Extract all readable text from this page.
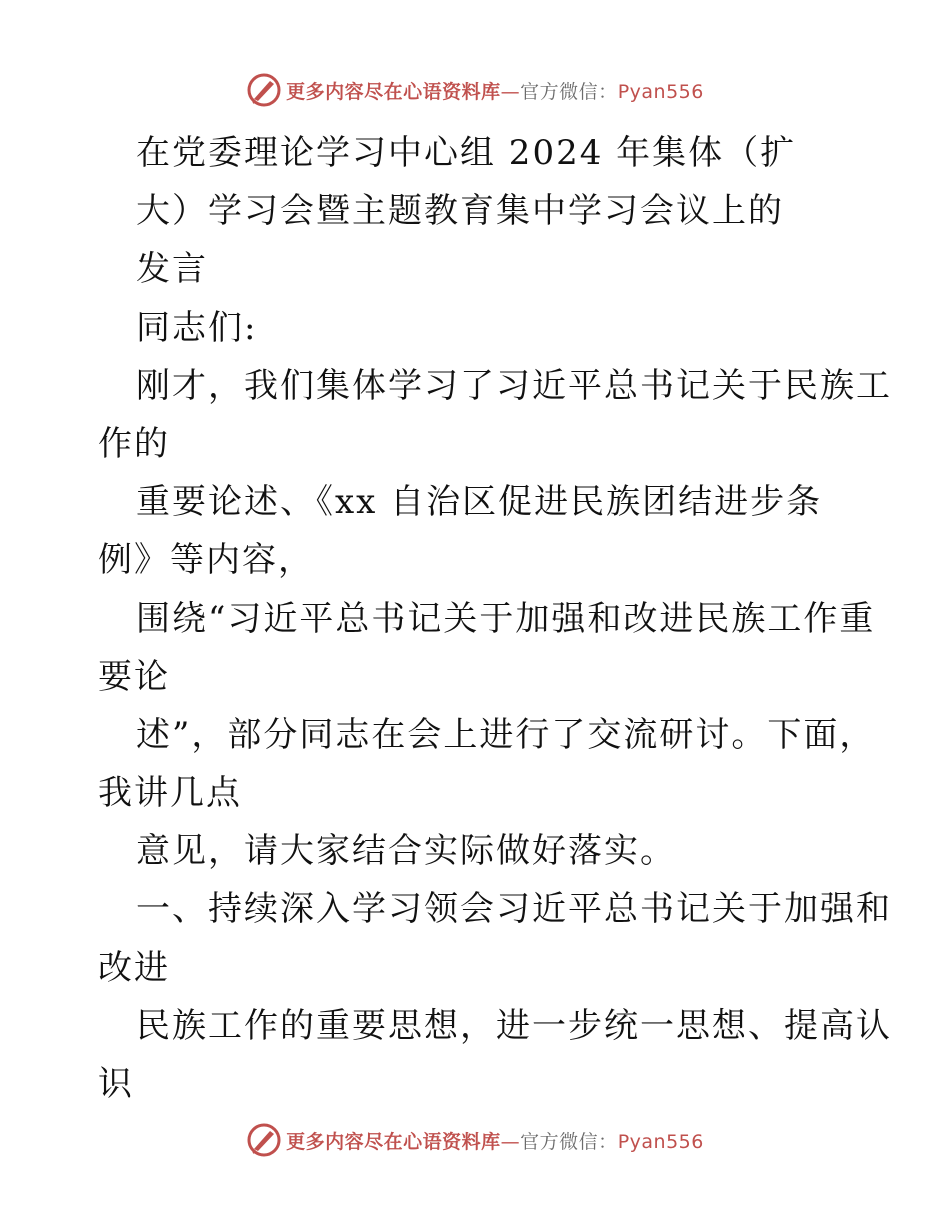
更多内容尽在心语资料库—官方微信：Pyan556
在党委理论学习中心组 2024 年集体（扩
大）学习会暨主题教育集中学习会议上的
发言
同志们:
刚才，我们集体学习了习近平总书记关于民族工
作的
重要论述、《xx 自治区促进民族团结进步条
例》等内容，
围绕“习近平总书记关于加强和改进民族工作重
要论
述”，部分同志在会上进行了交流研讨。下面，
我讲几点
意见，请大家结合实际做好落实。
一、持续深入学习领会习近平总书记关于加强和
改进
民族工作的重要思想，进一步统一思想、提高认
识
更多内容尽在心语资料库—官方微信：Pyan556
